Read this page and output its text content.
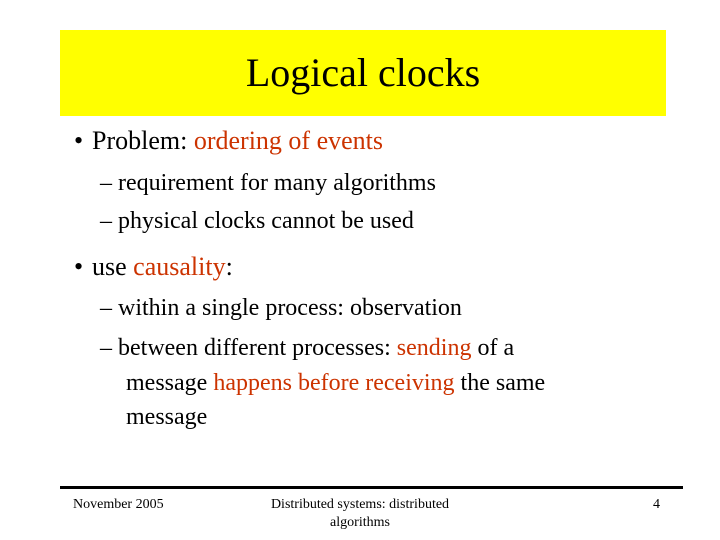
Logical clocks
• Problem: ordering of events
– requirement for many algorithms
– physical clocks cannot be used
• use causality:
– within a single process: observation
– between different processes: sending of a
message happens before receiving the same
message
November 2005	Distributed systems: distributed
algorithms
4
